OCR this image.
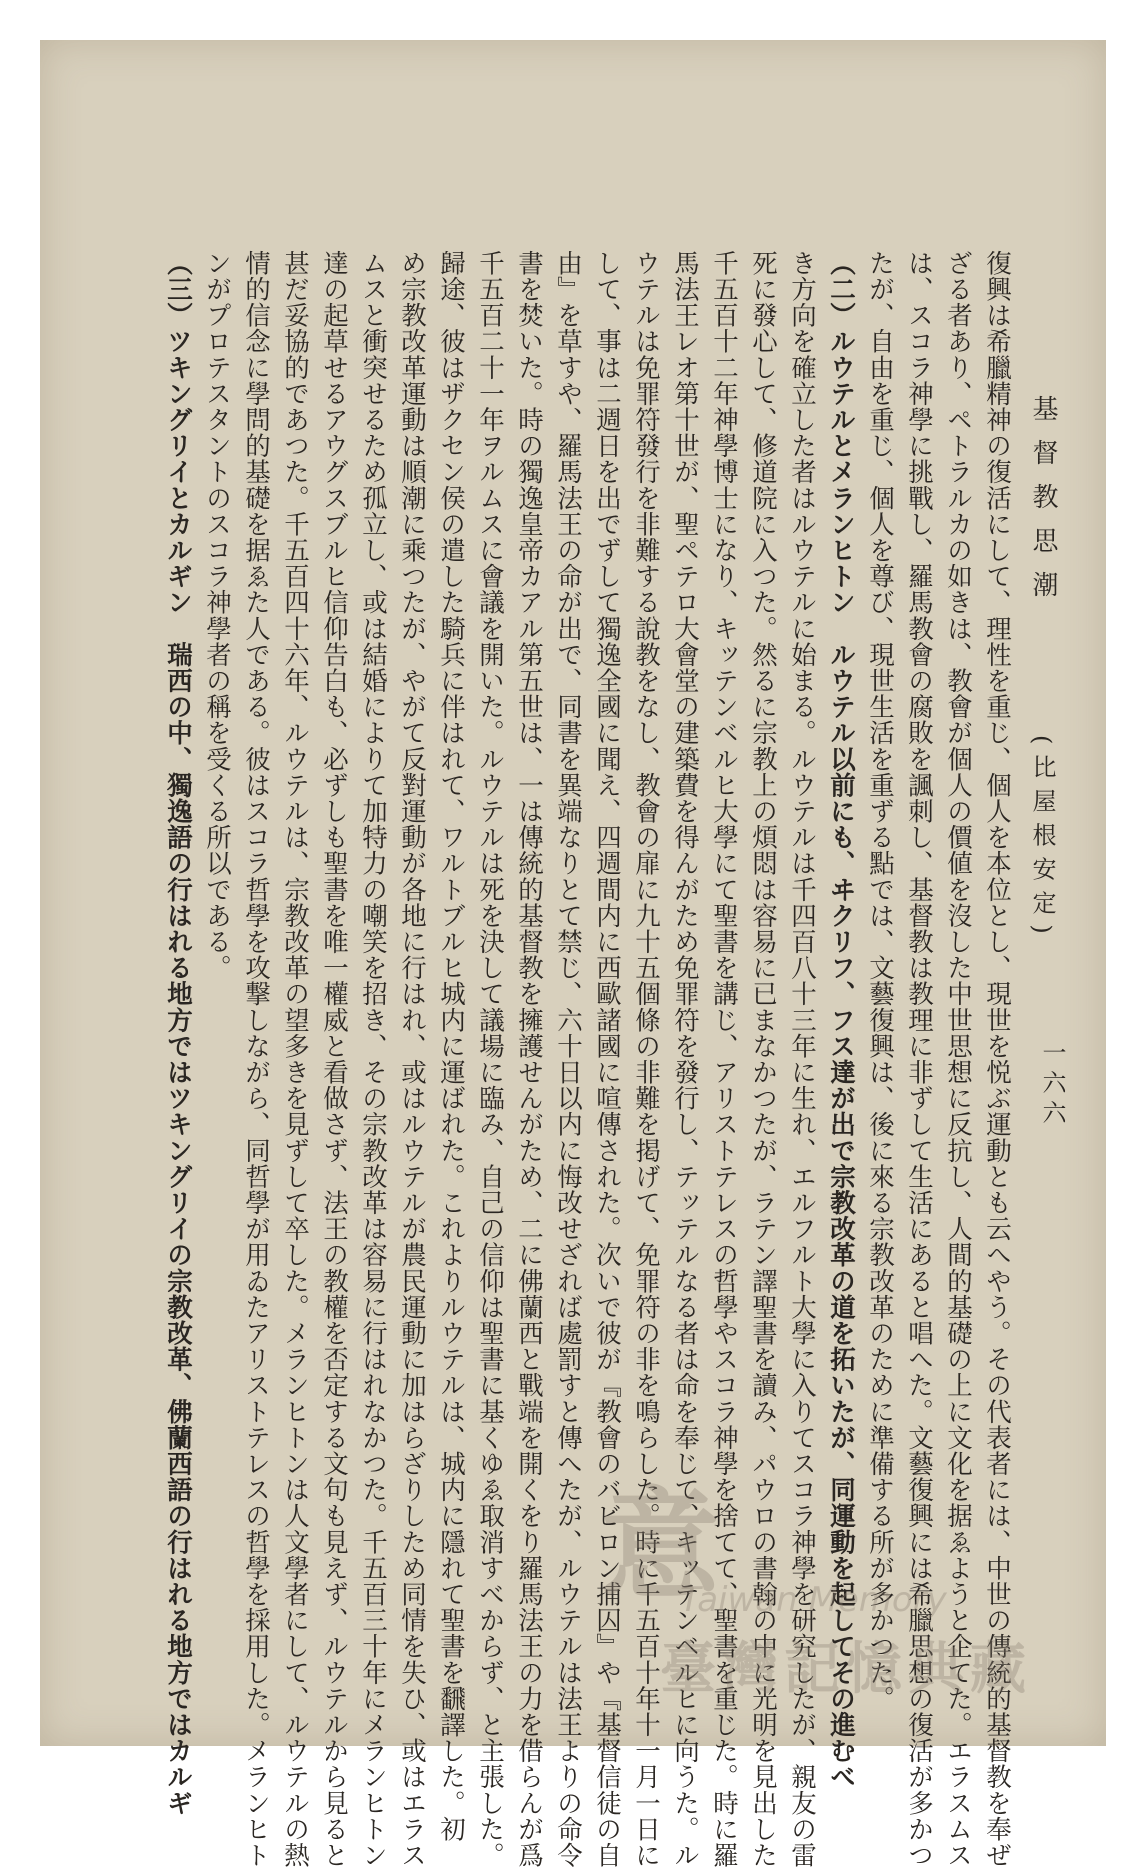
一六六
基督教思潮
(比屋根安定)
復興は希臘精神の復活にして、理性を重じ、個人を本位とし、現世を悦ぶ運動とも云へやう。その代表者には、中世の傳統的基督教を奉ぜ
ざる者あり、ペトラルカの如きは、教會が個人の價値を沒した中世思想に反抗し、人間的基礎の上に文化を据ゑようと企てた。エラスムス
は、スコラ神學に挑戰し、羅馬教會の腐敗を諷刺し、基督教は教理に非ずして生活にあると唱へた。文藝復興には希臘思想の復活が多かつ
たが、自由を重じ、個人を尊び、現世生活を重ずる點では、文藝復興は、後に來る宗教改革のために準備する所が多かつた。
（二）ルウテルとメランヒトン　ルウテル以前にも、ヰクリフ、フス達が出で宗教改革の道を拓いたが、同運動を起してその進むべ
き方向を確立した者はルウテルに始まる。ルウテルは千四百八十三年に生れ、エルフルト大學に入りてスコラ神學を研究したが、親友の雷
死に發心して、修道院に入つた。然るに宗教上の煩悶は容易に已まなかつたが、ラテン譯聖書を讀み、パウロの書翰の中に光明を見出した
千五百十二年神學博士になり、キッテンベルヒ大學にて聖書を講じ、アリストテレスの哲學やスコラ神學を捨てて、聖書を重じた。時に羅
馬法王レオ第十世が、聖ペテロ大會堂の建築費を得んがため免罪符を發行し、テッテルなる者は命を奉じて、キッテンベルヒに向うた。ル
ウテルは免罪符發行を非難する說教をなし、教會の扉に九十五個條の非難を掲げて、免罪符の非を鳴らした。時に千五百十年十一月一日に
して、事は二週日を出でずして獨逸全國に聞え、四週間内に西歐諸國に喧傳された。次いで彼が『教會のバビロン捕囚』や『基督信徒の自
由』を草すや、羅馬法王の命が出で、同書を異端なりとて禁じ、六十日以内に悔改せざれば處罰すと傳へたが、ルウテルは法王よりの命令
書を焚いた。時の獨逸皇帝カアル第五世は、一は傳統的基督教を擁護せんがため、二に佛蘭西と戰端を開くをり羅馬法王の力を借らんが爲
千五百二十一年ヲルムスに會議を開いた。ルウテルは死を決して議場に臨み、自己の信仰は聖書に基くゆゑ取消すべからず、と主張した。
歸途、彼はザクセン侯の遣した騎兵に伴はれて、ワルトブルヒ城内に運ばれた。これよりルウテルは、城内に隱れて聖書を飜譯した。初
め宗教改革運動は順潮に乘つたが、やがて反對運動が各地に行はれ、或はルウテルが農民運動に加はらざりしため同情を失ひ、或はエラス
ムスと衝突せるため孤立し、或は結婚によりて加特力の嘲笑を招き、その宗教改革は容易に行はれなかつた。千五百三十年にメランヒトン
達の起草せるアウグスブルヒ信仰告白も、必ずしも聖書を唯一權威と看做さず、法王の教權を否定する文句も見えず、ルウテルから見ると
甚だ妥協的であつた。千五百四十六年、ルウテルは、宗教改革の望多きを見ずして卒した。メランヒトンは人文學者にして、ルウテルの熱
情的信念に學問的基礎を据ゑた人である。彼はスコラ哲學を攻撃しながら、同哲學が用ゐたアリストテレスの哲學を採用した。メランヒト
ンがプロテスタントのスコラ神學者の稱を受くる所以である。
（三）ツキングリイとカルギン　瑞西の中、獨逸語の行はれる地方ではツキングリイの宗教改革、佛蘭西語の行はれる地方ではカルギ	意
Taiwan Memory
臺灣記憶典藏
